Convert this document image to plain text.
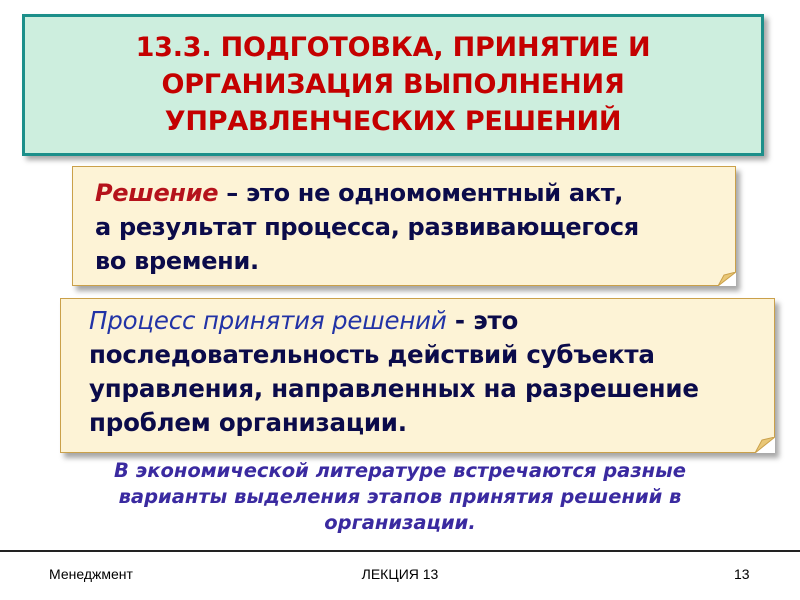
13.3. ПОДГОТОВКА, ПРИНЯТИЕ И
ОРГАНИЗАЦИЯ ВЫПОЛНЕНИЯ
УПРАВЛЕНЧЕСКИХ РЕШЕНИЙ
Решение – это не одномоментный акт,
а результат процесса, развивающегося
во времени.
Процесс принятия решений - это
последовательность действий субъекта
управления, направленных на разрешение
проблем организации.
В экономической литературе встречаются разные
варианты выделения этапов принятия решений в
организации.
Менеджмент	ЛЕКЦИЯ 13	13
